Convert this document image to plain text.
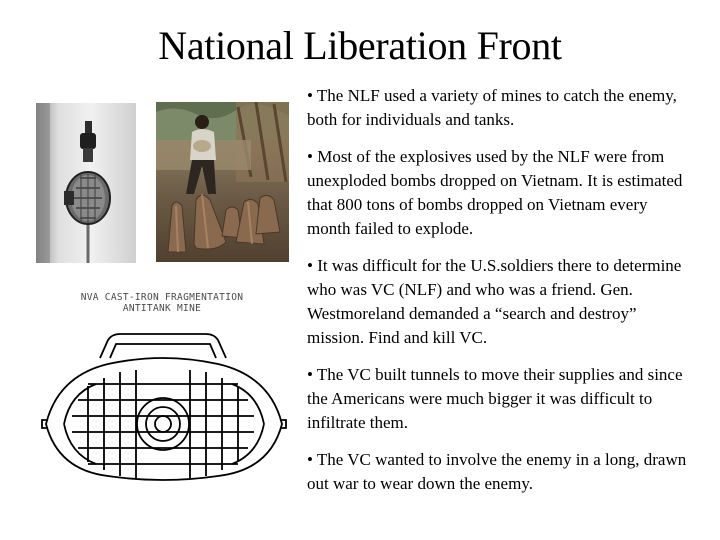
National Liberation Front
NVA CAST-IRON FRAGMENTATION
ANTITANK MINE
• The NLF used a variety of mines to catch the enemy, both for individuals and tanks.
• Most of the explosives used by the NLF were from unexploded bombs dropped on Vietnam. It is estimated that 800 tons of bombs dropped on Vietnam every month failed to explode.
• It was difficult for the U.S.soldiers there to determine who was VC (NLF) and who was a friend. Gen. Westmoreland demanded a “search and destroy” mission. Find and kill VC.
• The VC built tunnels to move their supplies and since the Americans were much bigger it was difficult to infiltrate them.
• The VC wanted to involve the enemy in a long, drawn out war to wear down the enemy.
